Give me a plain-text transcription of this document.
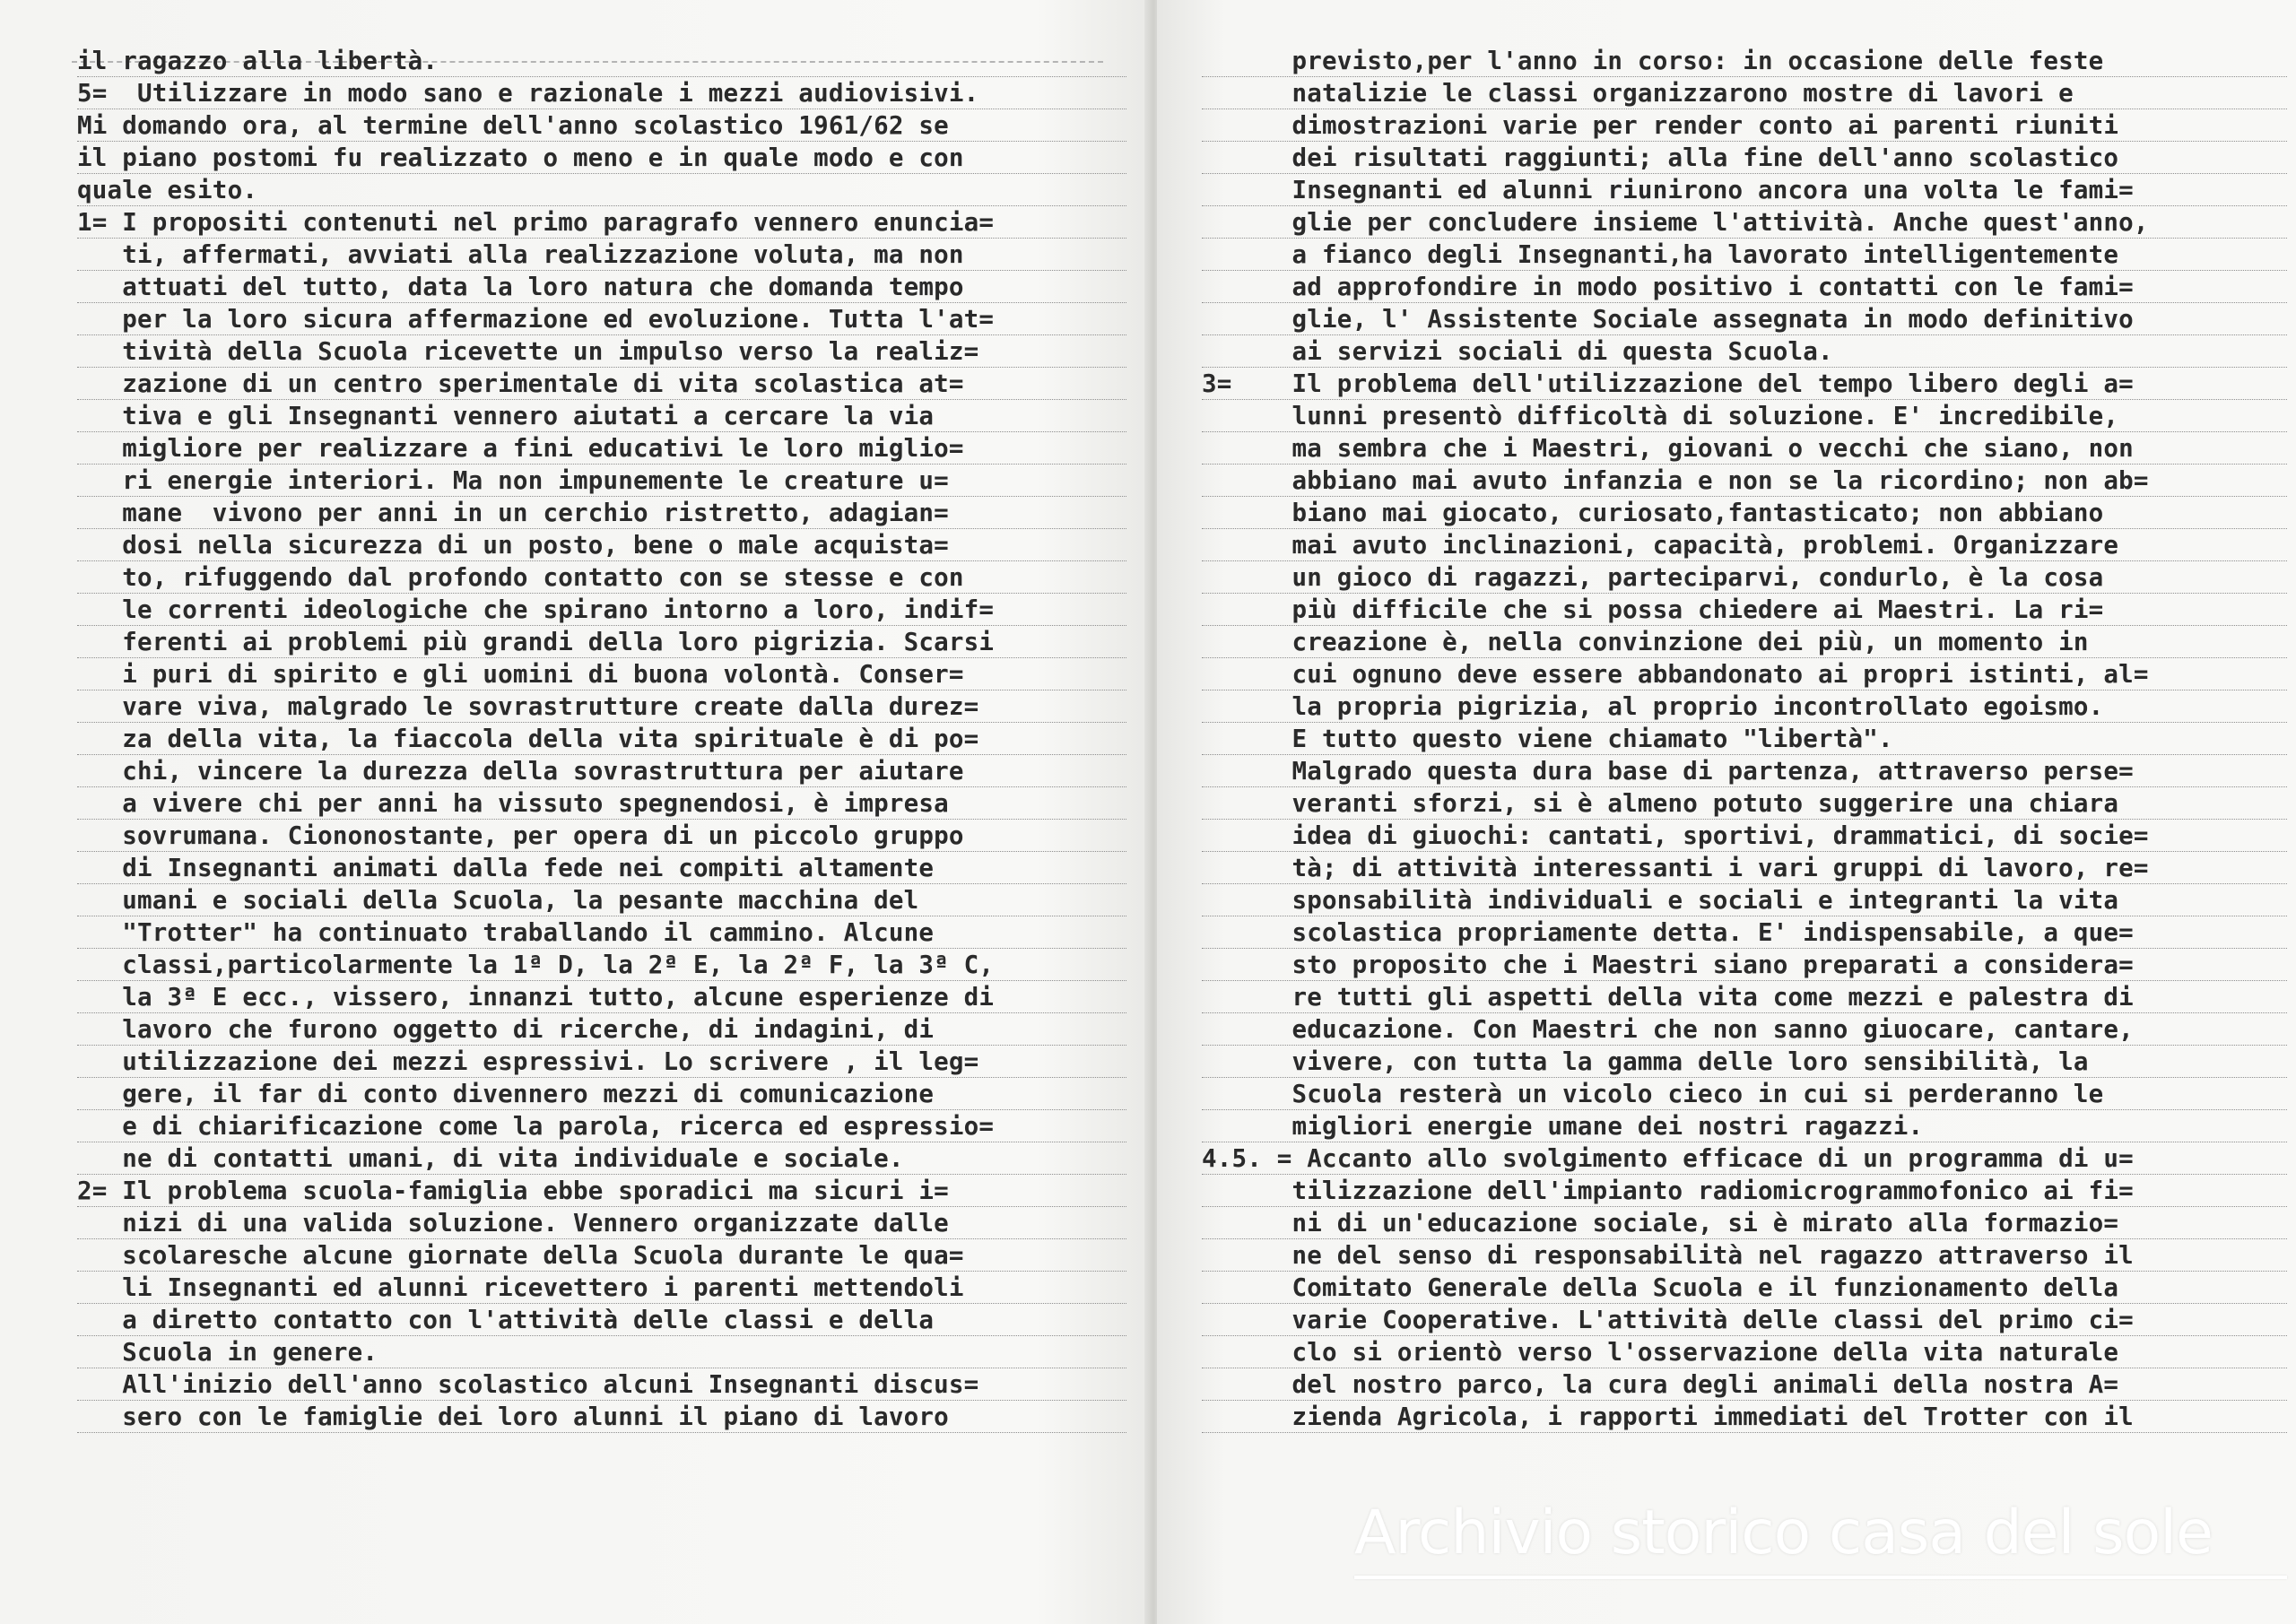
il ragazzo alla libertà.
5=  Utilizzare in modo sano e razionale i mezzi audiovisivi.
Mi domando ora, al termine dell'anno scolastico 1961/62 se
il piano postomi fu realizzato o meno e in quale modo e con
quale esito.
1= I propositi contenuti nel primo paragrafo vennero enuncia=
ti, affermati, avviati alla realizzazione voluta, ma non
attuati del tutto, data la loro natura che domanda tempo
per la loro sicura affermazione ed evoluzione. Tutta l'at=
tività della Scuola ricevette un impulso verso la realiz=
zazione di un centro sperimentale di vita scolastica at=
tiva e gli Insegnanti vennero aiutati a cercare la via
migliore per realizzare a fini educativi le loro miglio=
ri energie interiori. Ma non impunemente le creature u=
mane  vivono per anni in un cerchio ristretto, adagian=
dosi nella sicurezza di un posto, bene o male acquista=
to, rifuggendo dal profondo contatto con se stesse e con
le correnti ideologiche che spirano intorno a loro, indif=
ferenti ai problemi più grandi della loro pigrizia. Scarsi
i puri di spirito e gli uomini di buona volontà. Conser=
vare viva, malgrado le sovrastrutture create dalla durez=
za della vita, la fiaccola della vita spirituale è di po=
chi, vincere la durezza della sovrastruttura per aiutare
a vivere chi per anni ha vissuto spegnendosi, è impresa
sovrumana. Ciononostante, per opera di un piccolo gruppo
di Insegnanti animati dalla fede nei compiti altamente
umani e sociali della Scuola, la pesante macchina del
"Trotter" ha continuato traballando il cammino. Alcune
classi,particolarmente la 1ª D, la 2ª E, la 2ª F, la 3ª C,
la 3ª E ecc., vissero, innanzi tutto, alcune esperienze di
lavoro che furono oggetto di ricerche, di indagini, di
utilizzazione dei mezzi espressivi. Lo scrivere , il leg=
gere, il far di conto divennero mezzi di comunicazione
e di chiarificazione come la parola, ricerca ed espressio=
ne di contatti umani, di vita individuale e sociale.
2= Il problema scuola-famiglia ebbe sporadici ma sicuri i=
nizi di una valida soluzione. Vennero organizzate dalle
scolaresche alcune giornate della Scuola durante le qua=
li Insegnanti ed alunni ricevettero i parenti mettendoli
a diretto contatto con l'attività delle classi e della
Scuola in genere.
All'inizio dell'anno scolastico alcuni Insegnanti discus=
sero con le famiglie dei loro alunni il piano di lavoro
previsto,per l'anno in corso: in occasione delle feste
natalizie le classi organizzarono mostre di lavori e
dimostrazioni varie per render conto ai parenti riuniti
dei risultati raggiunti; alla fine dell'anno scolastico
Insegnanti ed alunni riunirono ancora una volta le fami=
glie per concludere insieme l'attività. Anche quest'anno,
a fianco degli Insegnanti,ha lavorato intelligentemente
ad approfondire in modo positivo i contatti con le fami=
glie, l' Assistente Sociale assegnata in modo definitivo
ai servizi sociali di questa Scuola.
3=    Il problema dell'utilizzazione del tempo libero degli a=
lunni presentò difficoltà di soluzione. E' incredibile,
ma sembra che i Maestri, giovani o vecchi che siano, non
abbiano mai avuto infanzia e non se la ricordino; non ab=
biano mai giocato, curiosato,fantasticato; non abbiano
mai avuto inclinazioni, capacità, problemi. Organizzare
un gioco di ragazzi, parteciparvi, condurlo, è la cosa
più difficile che si possa chiedere ai Maestri. La ri=
creazione è, nella convinzione dei più, un momento in
cui ognuno deve essere abbandonato ai propri istinti, al=
la propria pigrizia, al proprio incontrollato egoismo.
E tutto questo viene chiamato "libertà".
Malgrado questa dura base di partenza, attraverso perse=
veranti sforzi, si è almeno potuto suggerire una chiara
idea di giuochi: cantati, sportivi, drammatici, di socie=
tà; di attività interessanti i vari gruppi di lavoro, re=
sponsabilità individuali e sociali e integranti la vita
scolastica propriamente detta. E' indispensabile, a que=
sto proposito che i Maestri siano preparati a considera=
re tutti gli aspetti della vita come mezzi e palestra di
educazione. Con Maestri che non sanno giuocare, cantare,
vivere, con tutta la gamma delle loro sensibilità, la
Scuola resterà un vicolo cieco in cui si perderanno le
migliori energie umane dei nostri ragazzi.
4.5. = Accanto allo svolgimento efficace di un programma di u=
tilizzazione dell'impianto radiomicrogrammofonico ai fi=
ni di un'educazione sociale, si è mirato alla formazio=
ne del senso di responsabilità nel ragazzo attraverso il
Comitato Generale della Scuola e il funzionamento della
varie Cooperative. L'attività delle classi del primo ci=
clo si orientò verso l'osservazione della vita naturale
del nostro parco, la cura degli animali della nostra A=
zienda Agricola, i rapporti immediati del Trotter con il
Archivio storico casa del sole
